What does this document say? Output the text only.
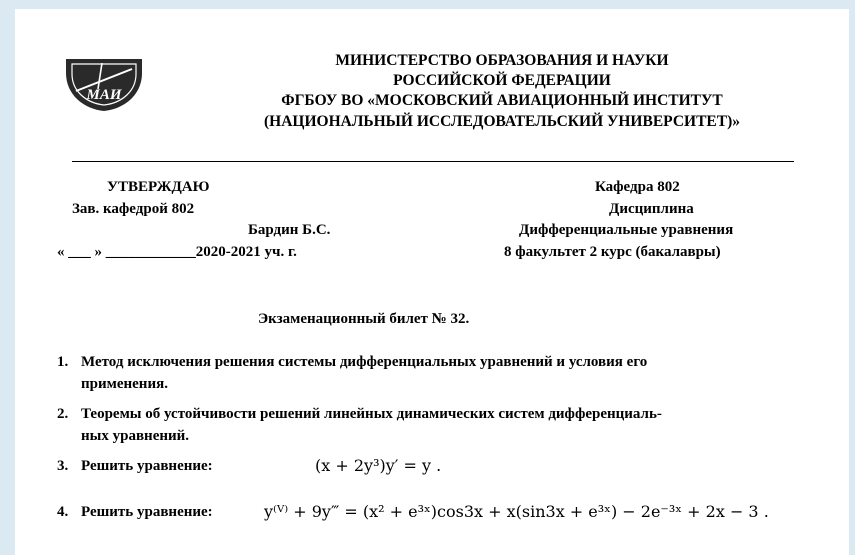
МАИ
МИНИСТЕРСТВО ОБРАЗОВАНИЯ И НАУКИ
РОССИЙСКОЙ ФЕДЕРАЦИИ
ФГБОУ ВО «МОСКОВСКИЙ АВИАЦИОННЫЙ ИНСТИТУТ
(НАЦИОНАЛЬНЫЙ ИССЛЕДОВАТЕЛЬСКИЙ УНИВЕРСИТЕТ)»
УТВЕРЖДАЮ
Зав. кафедрой 802
Бардин Б.С.
« ___ » ____________2020-2021 уч. г.
Кафедра 802
Дисциплина
Дифференциальные уравнения
8 факультет 2 курс (бакалавры)
Экзаменационный билет № 32.
1. Метод исключения решения системы дифференциальных уравнений и условия его
применения.
2. Теоремы об устойчивости решений линейных динамических систем дифференциаль-
ных уравнений.
3. Решить уравнение:	(x + 2y³)y′ = y .
4. Решить уравнение:	y⁽ⱽ⁾ + 9y‴ = (x² + e³ˣ)cos3x + x(sin3x + e³ˣ) − 2e⁻³ˣ + 2x − 3 .
